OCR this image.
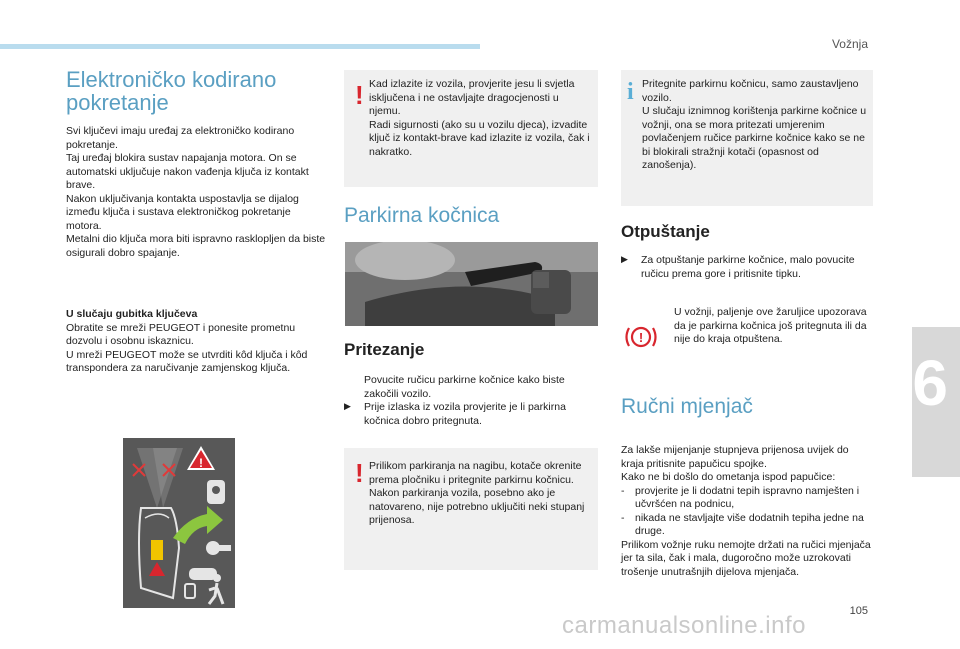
Vožnja
6
Elektroničko kodirano pokretanje

Svi ključevi imaju uređaj za elektroničko kodirano pokretanje.
Taj uređaj blokira sustav napajanja motora. On se automatski uključuje nakon vađenja ključa iz kontakt brave.
Nakon uključivanja kontakta uspostavlja se dijalog između ključa i sustava elektroničkog pokretanje motora.
Metalni dio ključa mora biti ispravno rasklopljen da biste osigurali dobro spajanje.

U slučaju gubitka ključeva

Obratite se mreži PEUGEOT i ponesite prometnu dozvolu i osobnu iskaznicu.
U mreži PEUGEOT može se utvrditi kôd ključa i kôd transpondera za naručivanje zamjenskog ključa.

!
! Kad izlazite iz vozila, provjerite jesu li svjetla isključena i ne ostavljajte dragocjenosti u njemu.
Radi sigurnosti (ako su u vozilu djeca), izvadite ključ iz kontakt-brave kad izlazite iz vozila, čak i nakratko.

Parkirna kočnica
Pritezanje

Povucite ručicu parkirne kočnice kako biste zakočili vozilo.

▶ Prije izlaska iz vozila provjerite je li parkirna kočnica dobro pritegnuta.

! Prilikom parkiranja na nagibu, kotače okrenite prema pločniku i pritegnite parkirnu kočnicu.
Nakon parkiranja vozila, posebno ako je natovareno, nije potrebno uključiti neki stupanj prijenosa.

i Pritegnite parkirnu kočnicu, samo zaustavljeno vozilo.
U slučaju iznimnog korištenja parkirne kočnice u vožnji, ona se mora pritezati umjerenim povlačenjem ručice parkirne kočnice kako se ne bi blokirali stražnji kotači (opasnost od zanošenja).

Otpuštanje
▶ Za otpuštanje parkirne kočnice, malo povucite ručicu prema gore i pritisnite tipku.

!

U vožnji, paljenje ove žaruljice upozorava da je parkirna kočnica još pritegnuta ili da nije do kraja otpuštena.

Ručni mjenjač

Za lakše mijenjanje stupnjeva prijenosa uvijek do kraja pritisnite papučicu spojke.
Kako ne bi došlo do ometanja ispod papučice:

- provjerite je li dodatni tepih ispravno namješten i učvršćen na podnicu,

- nikada ne stavljajte više dodatnih tepiha jedne na druge.

Prilikom vožnje ruku nemojte držati na ručici mjenjača jer ta sila, čak i mala, dugoročno može uzrokovati trošenje unutrašnjih dijelova mjenjača.

105
carmanualsonline.info
